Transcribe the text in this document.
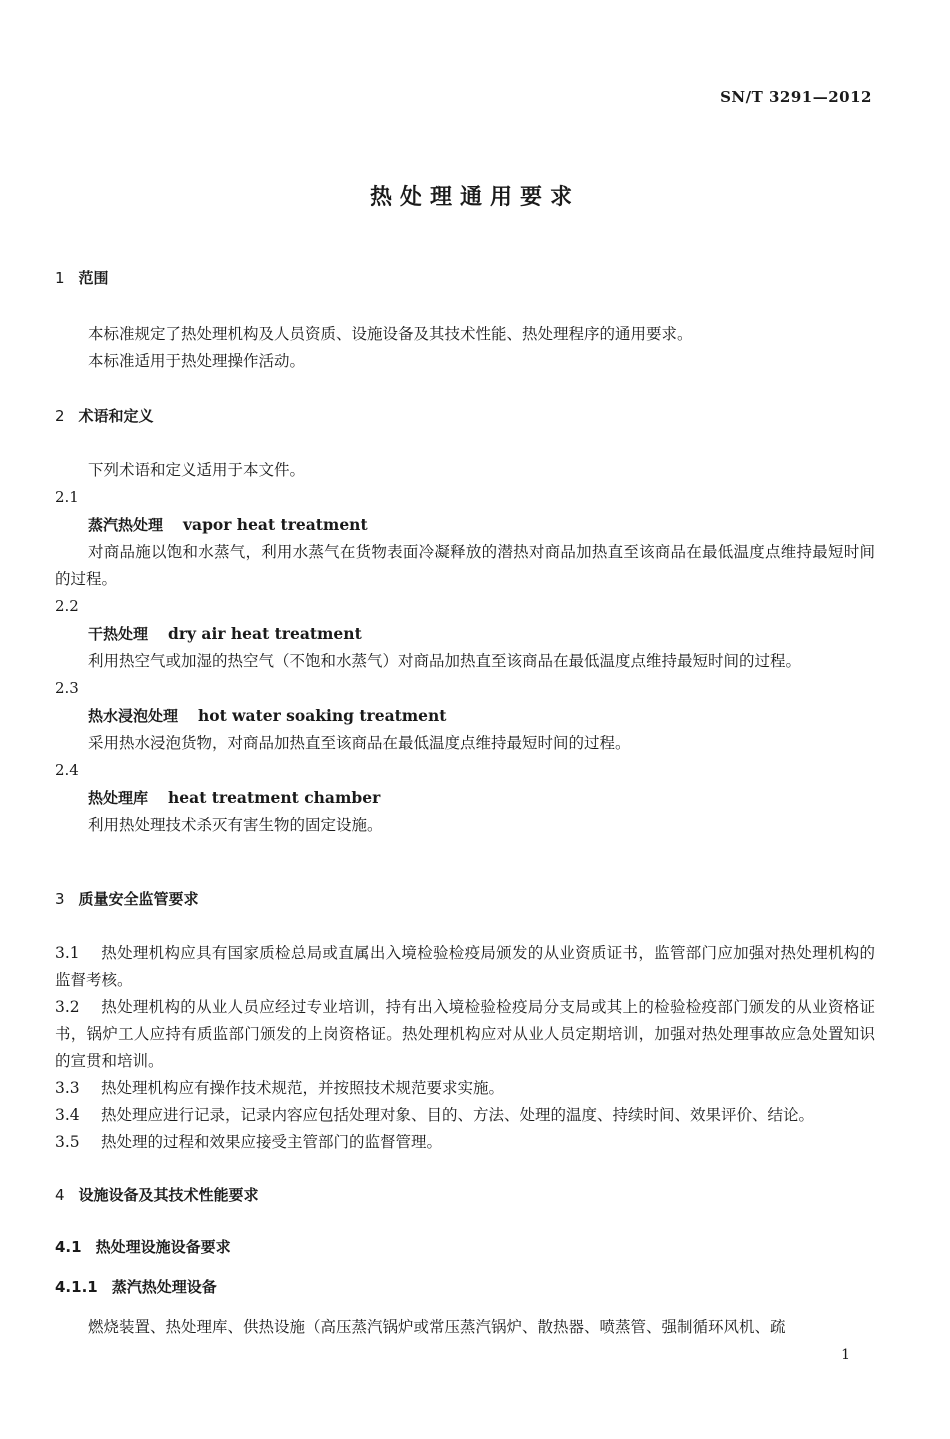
SN/T 3291—2012
热处理通用要求
1 范围
本标准规定了热处理机构及人员资质、设施设备及其技术性能、热处理程序的通用要求。
本标准适用于热处理操作活动。
2 术语和定义
下列术语和定义适用于本文件。
2.1
蒸汽热处理 vapor heat treatment
对商品施以饱和水蒸气，利用水蒸气在货物表面冷凝释放的潜热对商品加热直至该商品在最低温度点维持最短时间的过程。
2.2
干热处理 dry air heat treatment
利用热空气或加湿的热空气（不饱和水蒸气）对商品加热直至该商品在最低温度点维持最短时间的过程。
2.3
热水浸泡处理 hot water soaking treatment
采用热水浸泡货物，对商品加热直至该商品在最低温度点维持最短时间的过程。
2.4
热处理库 heat treatment chamber
利用热处理技术杀灭有害生物的固定设施。
3 质量安全监管要求
3.1 热处理机构应具有国家质检总局或直属出入境检验检疫局颁发的从业资质证书，监管部门应加强对热处理机构的监督考核。
3.2 热处理机构的从业人员应经过专业培训，持有出入境检验检疫局分支局或其上的检验检疫部门颁发的从业资格证书，锅炉工人应持有质监部门颁发的上岗资格证。热处理机构应对从业人员定期培训，加强对热处理事故应急处置知识的宣贯和培训。
3.3 热处理机构应有操作技术规范，并按照技术规范要求实施。
3.4 热处理应进行记录，记录内容应包括处理对象、目的、方法、处理的温度、持续时间、效果评价、结论。
3.5 热处理的过程和效果应接受主管部门的监督管理。
4 设施设备及其技术性能要求
4.1 热处理设施设备要求
4.1.1 蒸汽热处理设备
燃烧装置、热处理库、供热设施（高压蒸汽锅炉或常压蒸汽锅炉、散热器、喷蒸管、强制循环风机、疏
1
